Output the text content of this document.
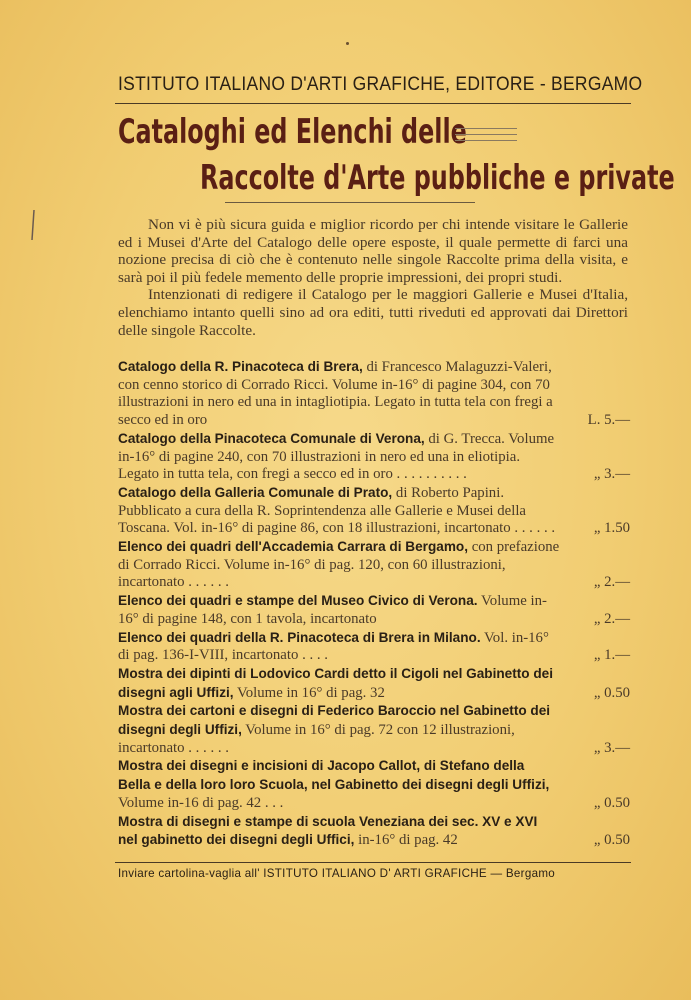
ISTITUTO ITALIANO D'ARTI GRAFICHE, EDITORE - BERGAMO
Cataloghi ed Elenchi delle
Raccolte d'Arte pubbliche e private

Non vi è più sicura guida e miglior ricordo per chi intende visitare le Gallerie ed i Musei d'Arte del Catalogo delle opere esposte, il quale permette di farci una nozione precisa di ciò che è contenuto nelle singole Raccolte prima della visita, e sarà poi il più fedele memento delle proprie impressioni, dei propri studi.

Intenzionati di redigere il Catalogo per le maggiori Gallerie e Musei d'Italia, elenchiamo intanto quelli sino ad ora editi, tutti riveduti ed approvati dai Direttori delle singole Raccolte.

Catalogo della R. Pinacoteca di Brera, di Francesco Malaguzzi-Valeri, con cenno storico di Corrado Ricci. Volume in-16° di pagine 304, con 70 illustrazioni in nero ed una in intagliotipia. Legato in tutta tela con fregi a secco ed in oro	L. 5.—
Catalogo della Pinacoteca Comunale di Verona, di G. Trecca. Volume in-16° di pagine 240, con 70 illustrazioni in nero ed una in eliotipia. Legato in tutta tela, con fregi a secco ed in oro . . . . . . . . . .	„ 3.—
Catalogo della Galleria Comunale di Prato, di Roberto Papini. Pubblicato a cura della R. Soprintendenza alle Gallerie e Musei della Toscana. Vol. in-16° di pagine 86, con 18 illustrazioni, incartonato . . . . . .	„ 1.50
Elenco dei quadri dell'Accademia Carrara di Bergamo, con prefazione di Corrado Ricci. Volume in-16° di pag. 120, con 60 illustrazioni, incartonato . . . . . .	„ 2.—
Elenco dei quadri e stampe del Museo Civico di Verona. Volume in-16° di pagine 148, con 1 tavola, incartonato	„ 2.—
Elenco dei quadri della R. Pinacoteca di Brera in Milano. Vol. in-16° di pag. 136-I-VIII, incartonato . . . .	„ 1.—
Mostra dei dipinti di Lodovico Cardi detto il Cigoli nel Gabinetto dei disegni agli Uffizi, Volume in 16° di pag. 32	„ 0.50
Mostra dei cartoni e disegni di Federico Baroccio nel Gabinetto dei disegni degli Uffizi, Volume in 16° di pag. 72 con 12 illustrazioni, incartonato . . . . . .	„ 3.—
Mostra dei disegni e incisioni di Jacopo Callot, di Stefano della Bella e della loro loro Scuola, nel Gabinetto dei disegni degli Uffizi, Volume in-16 di pag. 42 . . .	„ 0.50
Mostra di disegni e stampe di scuola Veneziana dei sec. XV e XVI nel gabinetto dei disegni degli Uffici, in-16° di pag. 42	„ 0.50
Inviare cartolina-vaglia all' ISTITUTO ITALIANO D' ARTI GRAFICHE — Bergamo
